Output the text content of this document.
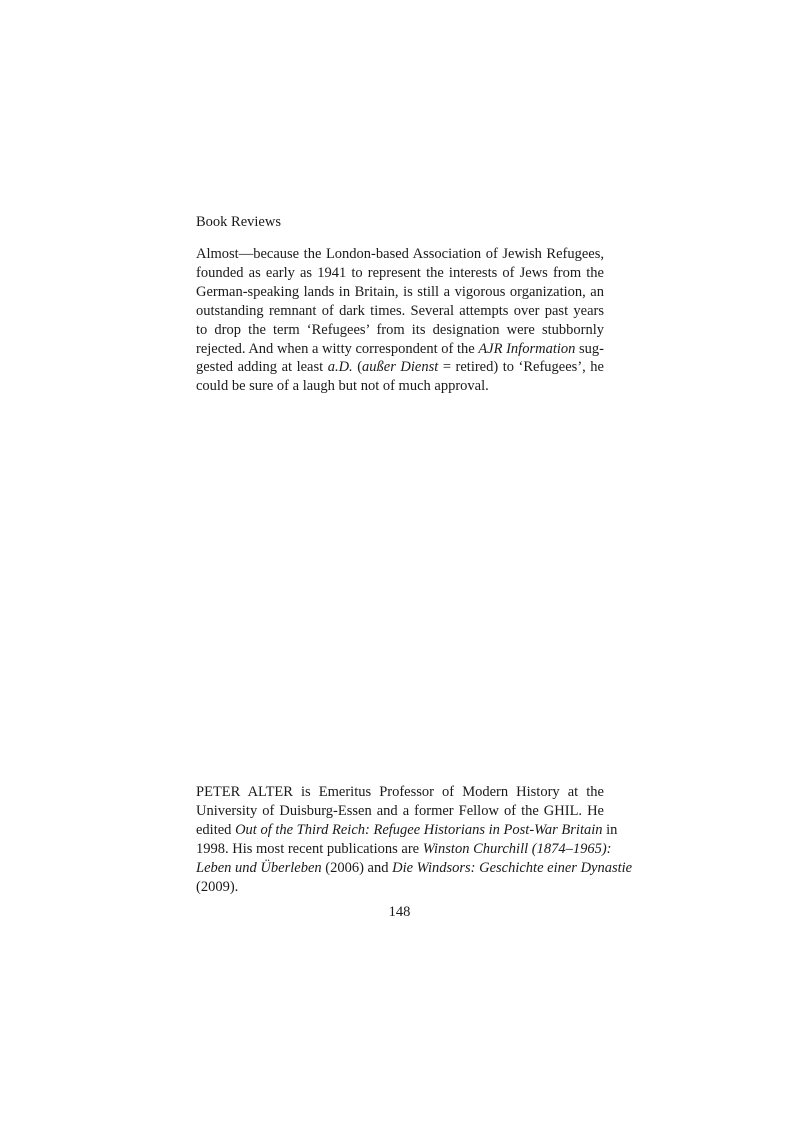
Book Reviews

Almost—because the London-based Association of Jewish Refugees,
founded as early as 1941 to represent the interests of Jews from the
German-speaking lands in Britain, is still a vigorous organization, an
outstanding remnant of dark times. Several attempts over past years
to drop the term ‘Refugees’ from its designation were stubbornly
rejected. And when a witty correspondent of the AJR Information sug-
gested adding at least a.D. (außer Dienst = retired) to ‘Refugees’, he
could be sure of a laugh but not of much approval.

PETER ALTER is Emeritus Professor of Modern History at the
University of Duisburg-Essen and a former Fellow of the GHIL. He
edited Out of the Third Reich: Refugee Historians in Post-War Britain in
1998. His most recent publications are Winston Churchill (1874–1965):
Leben und Überleben (2006) and Die Windsors: Geschichte einer Dynastie
(2009).

148
